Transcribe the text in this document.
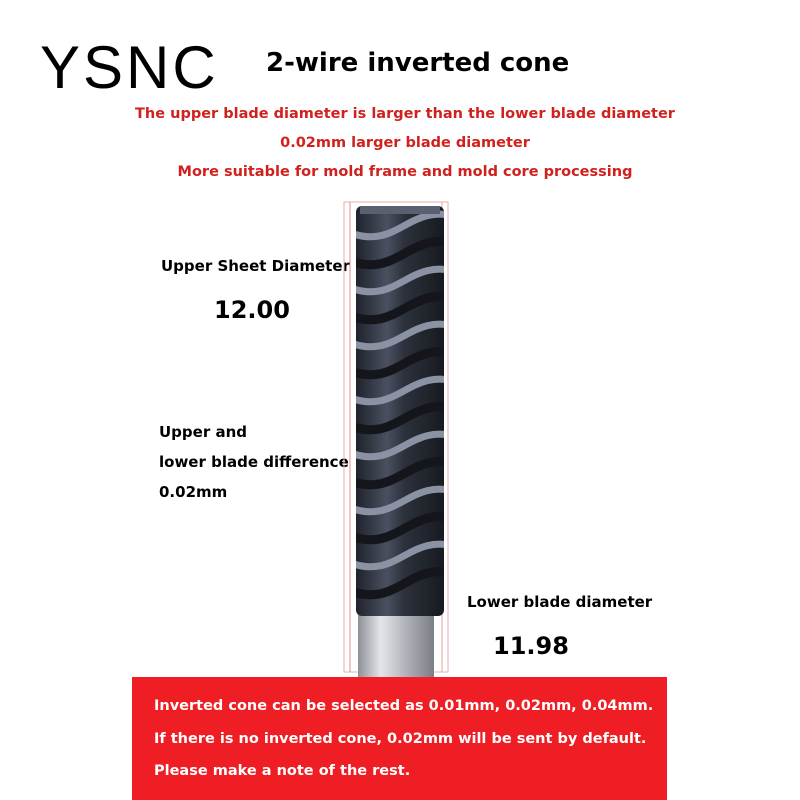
YSNC 2-wire inverted cone
The upper blade diameter is larger than the lower blade diameter
0.02mm larger blade diameter
More suitable for mold frame and mold core processing
Upper Sheet Diameter
12.00
Upper and
lower blade difference
0.02mm
Lower blade diameter
11.98
Inverted cone can be selected as 0.01mm, 0.02mm, 0.04mm.
If there is no inverted cone, 0.02mm will be sent by default.
Please make a note of the rest.
